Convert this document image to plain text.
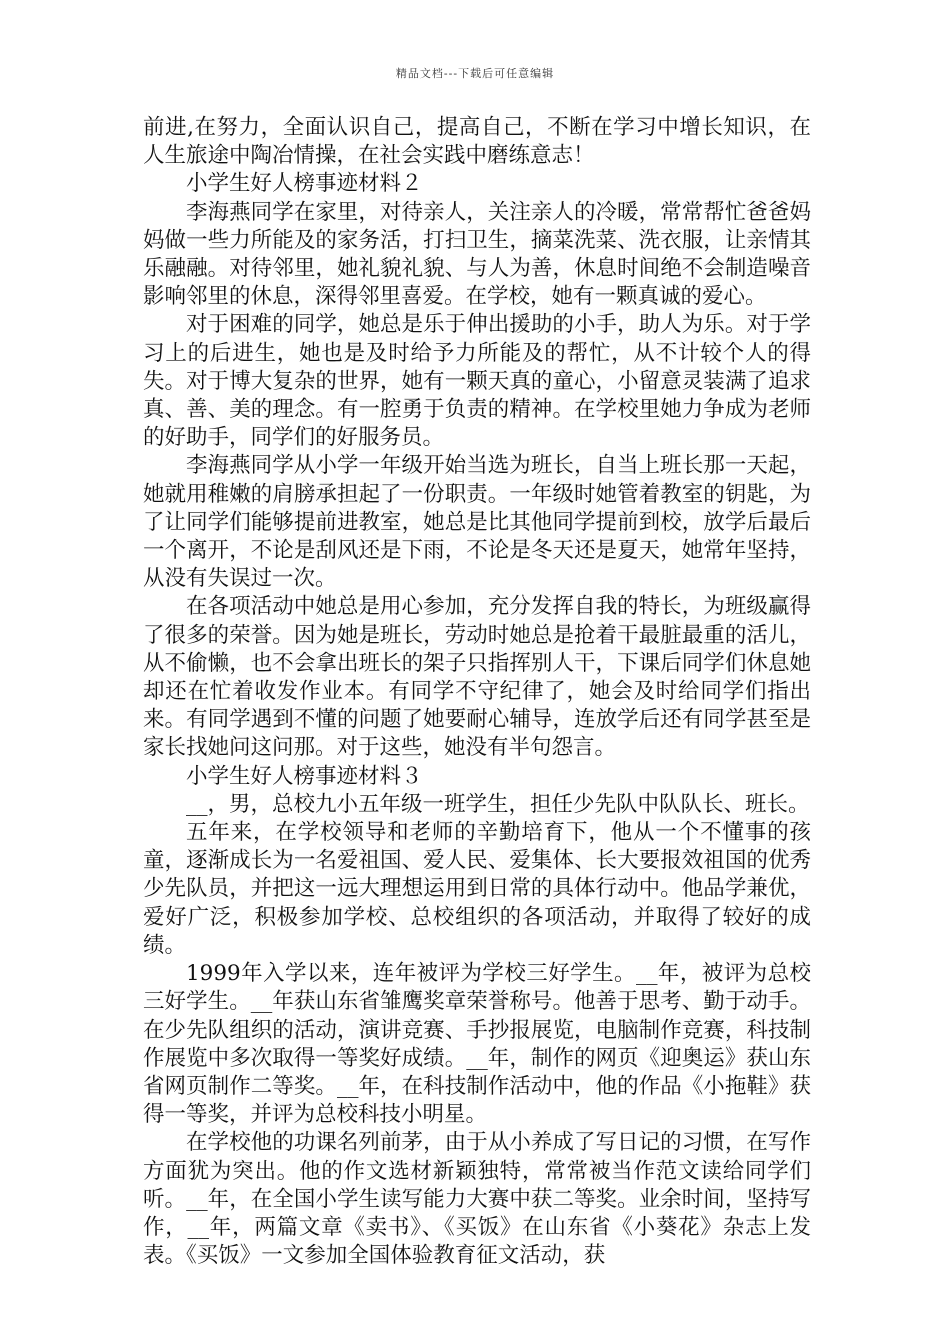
精品文档---下载后可任意编辑

前进,在努力，全面认识自己，提高自己，不断在学习中增长知识，在人生旅途中陶冶情操，在社会实践中磨练意志！

小学生好人榜事迹材料２

李海燕同学在家里，对待亲人，关注亲人的冷暖，常常帮忙爸爸妈妈做一些力所能及的家务活，打扫卫生，摘菜洗菜、洗衣服，让亲情其乐融融。对待邻里，她礼貌礼貌、与人为善，休息时间绝不会制造噪音影响邻里的休息，深得邻里喜爱。在学校，她有一颗真诚的爱心。

对于困难的同学，她总是乐于伸出援助的小手，助人为乐。对于学习上的后进生，她也是及时给予力所能及的帮忙，从不计较个人的得失。对于博大复杂的世界，她有一颗天真的童心，小留意灵装满了追求真、善、美的理念。有一腔勇于负责的精神。在学校里她力争成为老师的好助手，同学们的好服务员。

李海燕同学从小学一年级开始当选为班长，自当上班长那一天起，她就用稚嫩的肩膀承担起了一份职责。一年级时她管着教室的钥匙，为了让同学们能够提前进教室，她总是比其他同学提前到校，放学后最后一个离开，不论是刮风还是下雨，不论是冬天还是夏天，她常年坚持，从没有失误过一次。

在各项活动中她总是用心参加，充分发挥自我的特长，为班级赢得了很多的荣誉。因为她是班长，劳动时她总是抢着干最脏最重的活儿，从不偷懒，也不会拿出班长的架子只指挥别人干，下课后同学们休息她却还在忙着收发作业本。有同学不守纪律了，她会及时给同学们指出来。有同学遇到不懂的问题了她要耐心辅导，连放学后还有同学甚至是家长找她问这问那。对于这些，她没有半句怨言。

小学生好人榜事迹材料３

__，男，总校九小五年级一班学生，担任少先队中队队长、班长。

五年来，在学校领导和老师的辛勤培育下，他从一个不懂事的孩童，逐渐成长为一名爱祖国、爱人民、爱集体、长大要报效祖国的优秀少先队员，并把这一远大理想运用到日常的具体行动中。他品学兼优，爱好广泛，积极参加学校、总校组织的各项活动，并取得了较好的成绩。

1999年入学以来，连年被评为学校三好学生。__年，被评为总校三好学生。__年获山东省雏鹰奖章荣誉称号。他善于思考、勤于动手。在少先队组织的活动，演讲竞赛、手抄报展览，电脑制作竞赛，科技制作展览中多次取得一等奖好成绩。__年，制作的网页《迎奥运》获山东省网页制作二等奖。__年，在科技制作活动中，他的作品《小拖鞋》获得一等奖，并评为总校科技小明星。

在学校他的功课名列前茅，由于从小养成了写日记的习惯，在写作方面犹为突出。他的作文选材新颖独特，常常被当作范文读给同学们听。__年，在全国小学生读写能力大赛中获二等奖。业余时间，坚持写作，__年，两篇文章《卖书》、《买饭》在山东省《小葵花》杂志上发表。《买饭》一文参加全国体验教育征文活动，获
